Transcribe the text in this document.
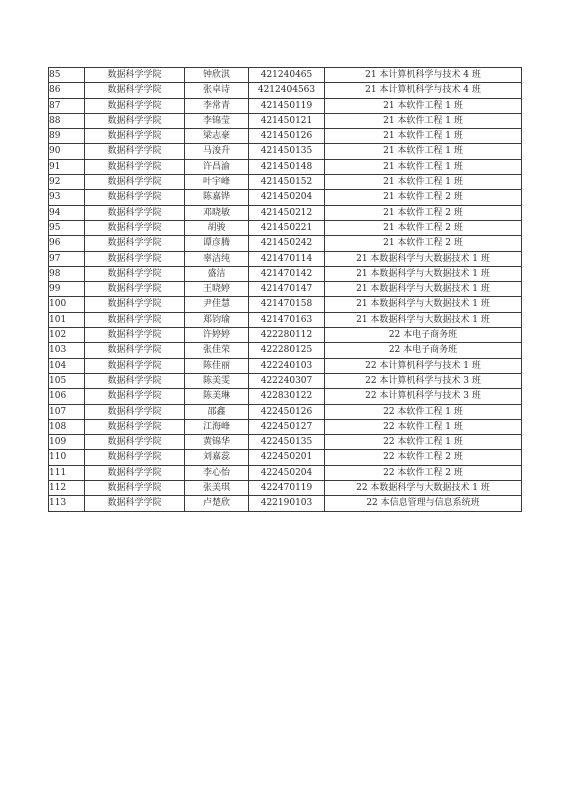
85	数据科学学院	钟欣淇	421240465	21 本计算机科学与技术 4 班
86	数据科学学院	张卓诗	4212404563	21 本计算机科学与技术 4 班
87	数据科学学院	李常青	421450119	21 本软件工程 1 班
88	数据科学学院	李锦莹	421450121	21 本软件工程 1 班
89	数据科学学院	梁志豪	421450126	21 本软件工程 1 班
90	数据科学学院	马浚升	421450135	21 本软件工程 1 班
91	数据科学学院	许昌渝	421450148	21 本软件工程 1 班
92	数据科学学院	叶宇峰	421450152	21 本软件工程 1 班
93	数据科学学院	陈嘉铧	421450204	21 本软件工程 2 班
94	数据科学学院	邓晓敏	421450212	21 本软件工程 2 班
95	数据科学学院	胡骏	421450221	21 本软件工程 2 班
96	数据科学学院	谭彦腾	421450242	21 本软件工程 2 班
97	数据科学学院	辜洁纯	421470114	21 本数据科学与大数据技术 1 班
98	数据科学学院	盛洁	421470142	21 本数据科学与大数据技术 1 班
99	数据科学学院	王晓婷	421470147	21 本数据科学与大数据技术 1 班
100	数据科学学院	尹佳慧	421470158	21 本数据科学与大数据技术 1 班
101	数据科学学院	郑钧瑜	421470163	21 本数据科学与大数据技术 1 班
102	数据科学学院	许婷婷	422280112	22 本电子商务班
103	数据科学学院	张佳荣	422280125	22 本电子商务班
104	数据科学学院	陈佳丽	422240103	22 本计算机科学与技术 1 班
105	数据科学学院	陈美雯	422240307	22 本计算机科学与技术 3 班
106	数据科学学院	陈美琳	422830122	22 本计算机科学与技术 3 班
107	数据科学学院	邵鑫	422450126	22 本软件工程 1 班
108	数据科学学院	江海峰	422450127	22 本软件工程 1 班
109	数据科学学院	黄锦华	422450135	22 本软件工程 1 班
110	数据科学学院	刘嘉蕊	422450201	22 本软件工程 2 班
111	数据科学学院	李心怡	422450204	22 本软件工程 2 班
112	数据科学学院	张美琪	422470119	22 本数据科学与大数据技术 1 班
113	数据科学学院	卢楚欣	422190103	22 本信息管理与信息系统班
